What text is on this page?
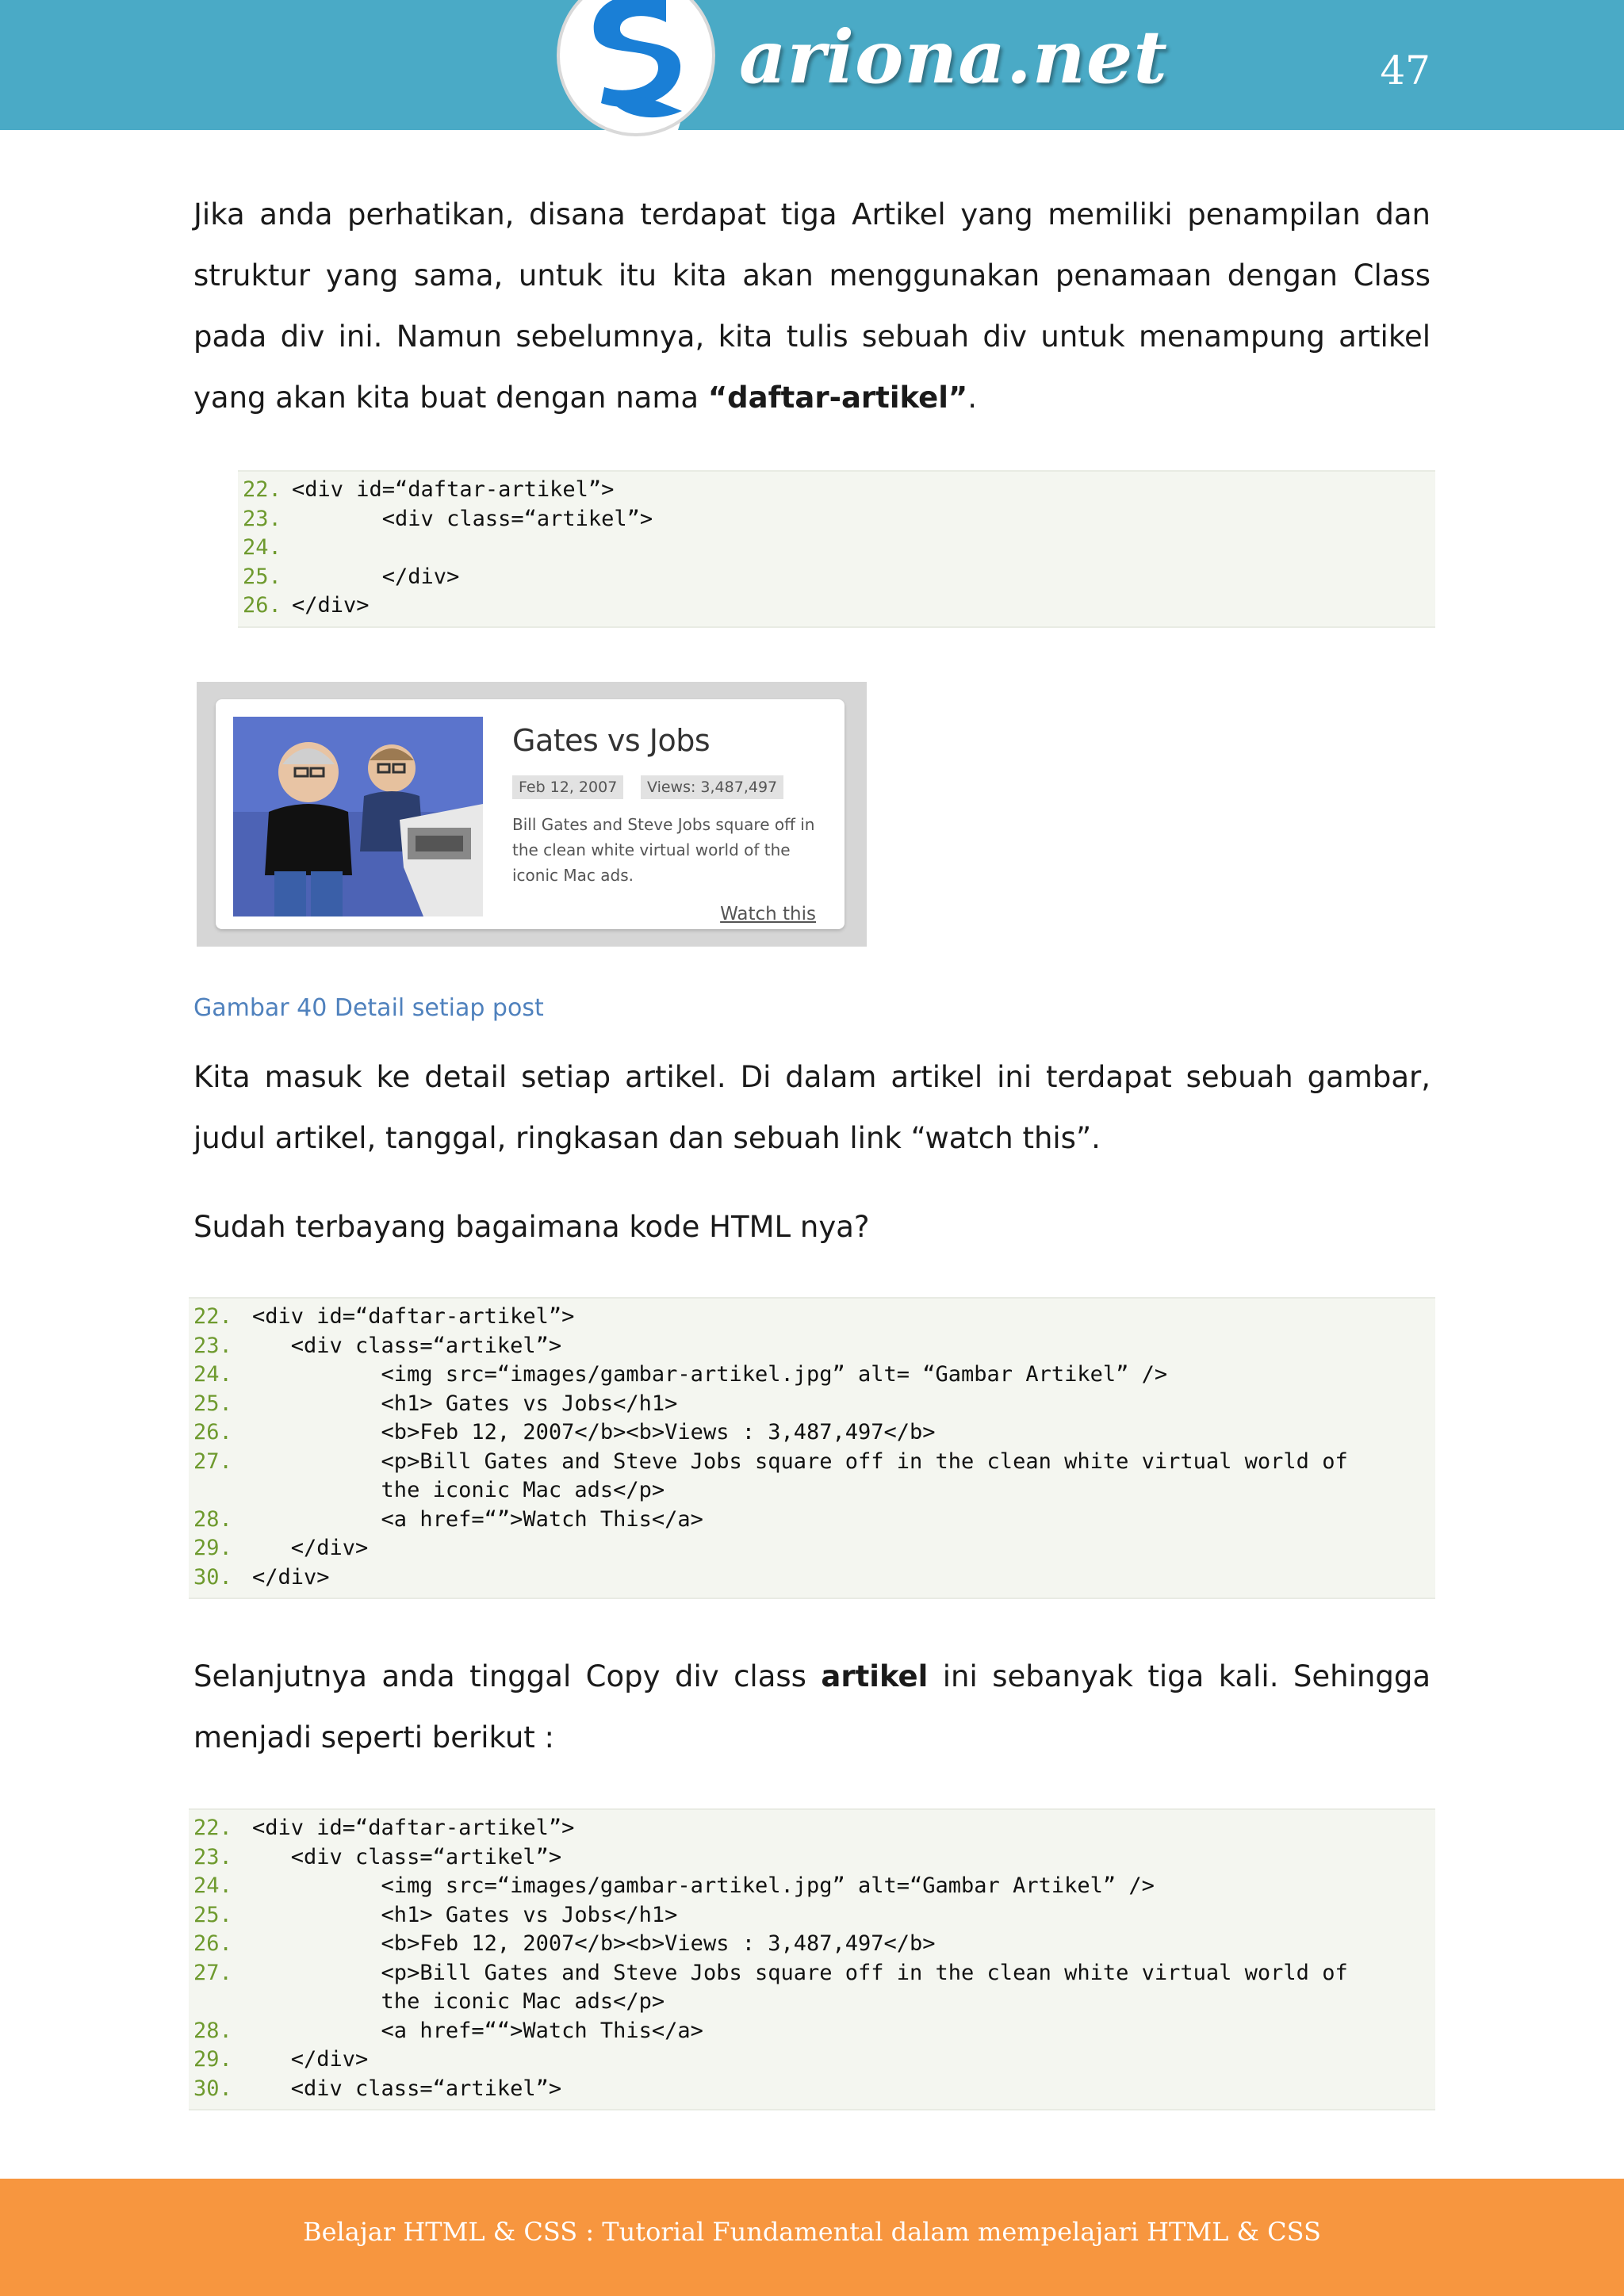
ariona.net	47

Jika anda perhatikan, disana terdapat tiga Artikel yang memiliki penampilan dan struktur yang sama, untuk itu kita akan menggunakan penamaan dengan Class pada div ini. Namun sebelumnya, kita tulis sebuah div untuk menampung artikel yang akan kita buat dengan nama “daftar-artikel”.

22. <div id=“daftar-artikel”>
23. <div class=“artikel”>
24.
25. </div>
26. </div>
Gates vs Jobs
Feb 12, 2007	Views: 3,487,497
Bill Gates and Steve Jobs square off in the clean white virtual world of the iconic Mac ads.
Watch this
Gambar 40 Detail setiap post

Kita masuk ke detail setiap artikel. Di dalam artikel ini terdapat sebuah gambar, judul artikel, tanggal, ringkasan dan sebuah link “watch this”.

Sudah terbayang bagaimana kode HTML nya?

22. <div id=“daftar-artikel”>
23. <div class=“artikel”>
24. <img src=“images/gambar-artikel.jpg” alt= “Gambar Artikel” />
25. <h1> Gates vs Jobs</h1>
26. <b>Feb 12, 2007</b><b>Views : 3,487,497</b>
27. <p>Bill Gates and Steve Jobs square off in the clean white virtual world of
the iconic Mac ads</p>
28. <a href=“”>Watch This</a>
29. </div>
30. </div>

Selanjutnya anda tinggal Copy div class artikel ini sebanyak tiga kali. Sehingga menjadi seperti berikut :

22. <div id=“daftar-artikel”>
23. <div class=“artikel”>
24. <img src=“images/gambar-artikel.jpg” alt=“Gambar Artikel” />
25. <h1> Gates vs Jobs</h1>
26. <b>Feb 12, 2007</b><b>Views : 3,487,497</b>
27. <p>Bill Gates and Steve Jobs square off in the clean white virtual world of
the iconic Mac ads</p>
28. <a href=““>Watch This</a>
29. </div>
30. <div class=“artikel”>
Belajar HTML & CSS : Tutorial Fundamental dalam mempelajari HTML & CSS
